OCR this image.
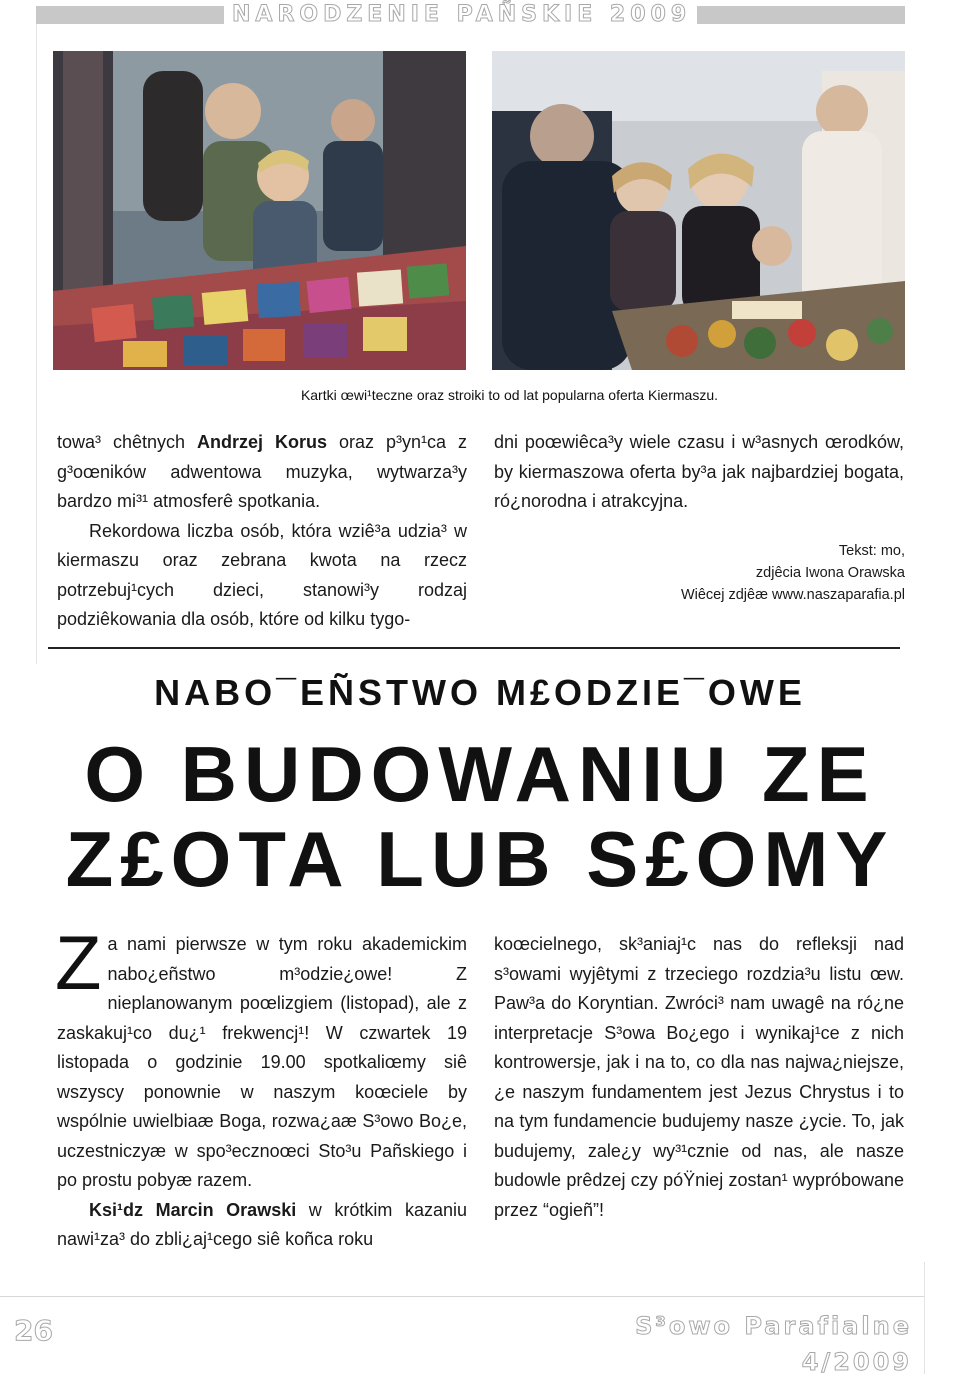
NARODZENIE PAÑSKIE 2009
Kartki œwi¹teczne oraz stroiki to od lat popularna oferta Kiermaszu.

towa³ chêtnych Andrzej Korus oraz p³yn¹ca z g³oœników adwentowa muzyka, wytwarza³y bardzo mi³¹ atmosferê spotkania.

Rekordowa liczba osób, która wziê³a udzia³ w kiermaszu oraz zebrana kwota na rzecz potrzebuj¹cych dzieci, stanowi³y rodzaj podziêkowania dla osób, które od kilku tygo-

dni poœwiêca³y wiele czasu i w³asnych œrodków, by kiermaszowa oferta by³a jak najbardziej bogata, ró¿norodna i atrakcyjna.

Tekst: mo,
zdjêcia Iwona Orawska
Wiêcej zdjêæ www.naszaparafia.pl
NABO¯EÑSTWO M£ODZIE¯OWE
O BUDOWANIU ZE
Z£OTA LUB S£OMY

Za nami pierwsze w tym roku akademickim nabo¿eñstwo m³odzie¿owe! Z nieplanowanym poœlizgiem (listopad), ale z zaskakuj¹co du¿¹ frekwencj¹! W czwartek 19 listopada o godzinie 19.00 spotkaliœmy siê wszyscy ponownie w naszym koœciele by wspólnie uwielbiaæ Boga, rozwa¿aæ S³owo Bo¿e, uczestniczyæ w spo³ecznoœci Sto³u Pañskiego i po prostu pobyæ razem.

Ksi¹dz Marcin Orawski w krótkim kazaniu nawi¹za³ do zbli¿aj¹cego siê koñca roku

koœcielnego, sk³aniaj¹c nas do refleksji nad s³owami wyjêtymi z trzeciego rozdzia³u listu œw. Paw³a do Koryntian. Zwróci³ nam uwagê na ró¿ne interpretacje S³owa Bo¿ego i wynikaj¹ce z nich kontrowersje, jak i na to, co dla nas najwa¿niejsze, ¿e naszym fundamentem jest Jezus Chrystus i to na tym fundamencie budujemy nasze ¿ycie. To, jak budujemy, zale¿y wy³¹cznie od nas, ale nasze budowle prêdzej czy póŸniej zostan¹ wypróbowane przez “ogieñ”!

26	S³owo Parafialne
4/2009
